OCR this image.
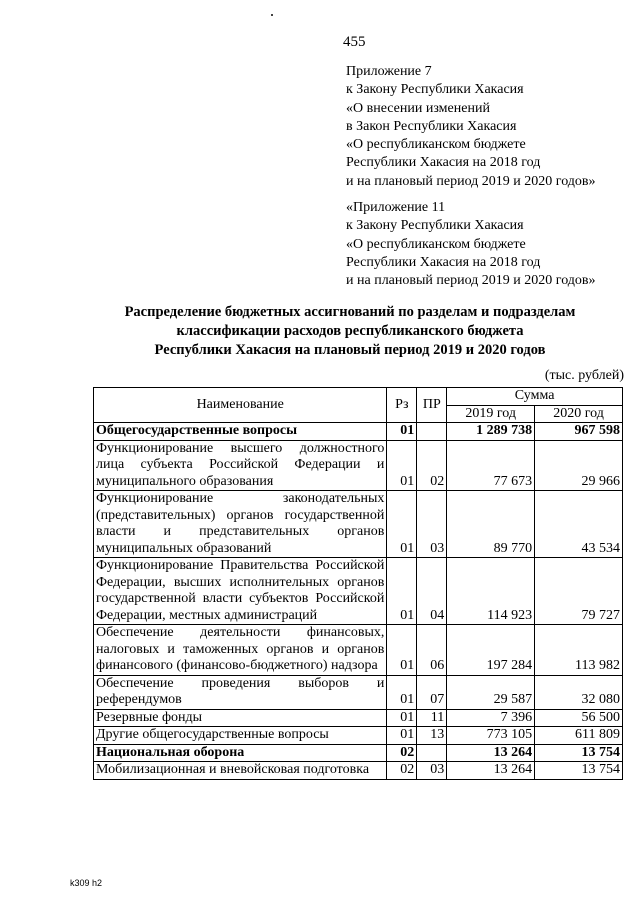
455
Приложение 7
к Закону Республики Хакасия
«О внесении изменений
в Закон Республики Хакасия
«О республиканском бюджете
Республики Хакасия на 2018 год
и на плановый период 2019 и 2020 годов»
«Приложение 11
к Закону Республики Хакасия
«О республиканском бюджете
Республики Хакасия на 2018 год
и на плановый период 2019 и 2020 годов»
Распределение бюджетных ассигнований по разделам и подразделам
классификации расходов республиканского бюджета
Республики Хакасия на плановый период 2019 и 2020 годов
(тыс. рублей)
Наименование	Рз	ПР	Сумма	
			2019 год	2020 год
Общегосударственные вопросы	01		1 289 738	967 598
Функционирование высшего должностного лица субъекта Российской Федерации и муниципального образования	01	02	77 673	29 966
Функционирование законодательных (представительных) органов государственной власти и представительных органов муниципальных образований	01	03	89 770	43 534
Функционирование Правительства Российской Федерации, высших исполнительных органов государственной власти субъектов Российской Федерации, местных администраций	01	04	114 923	79 727
Обеспечение деятельности финансовых, налоговых и таможенных органов и органов финансового (финансово-бюджетного) надзора	01	06	197 284	113 982
Обеспечение проведения выборов и референдумов	01	07	29 587	32 080
Резервные фонды	01	11	7 396	56 500
Другие общегосударственные вопросы	01	13	773 105	611 809
Национальная оборона	02		13 264	13 754
Мобилизационная и вневойсковая подготовка	02	03	13 264	13 754
k309 h2
